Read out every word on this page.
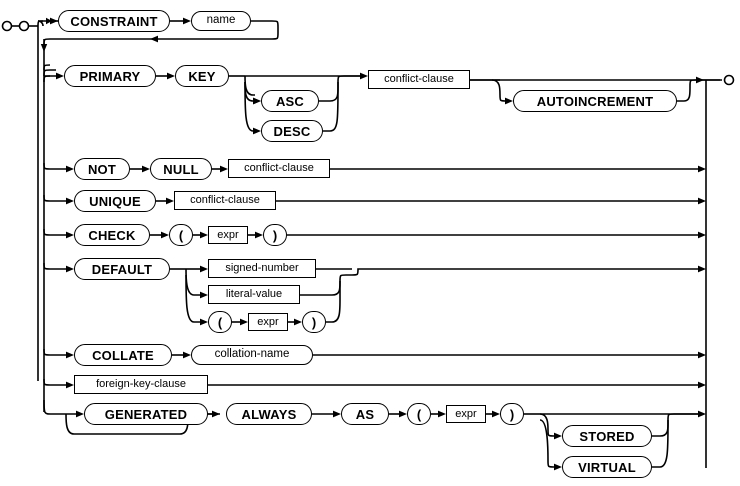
CONSTRAINT	name
PRIMARY	KEY
ASC
DESC
conflict-clause
AUTOINCREMENT
NOT	NULL	conflict-clause
UNIQUE	conflict-clause
CHECK	(	expr	)
DEFAULT	signed-number
literal-value
(	expr	)
COLLATE	collation-name
foreign-key-clause
GENERATED	ALWAYS	AS	(	expr	)
STORED
VIRTUAL
